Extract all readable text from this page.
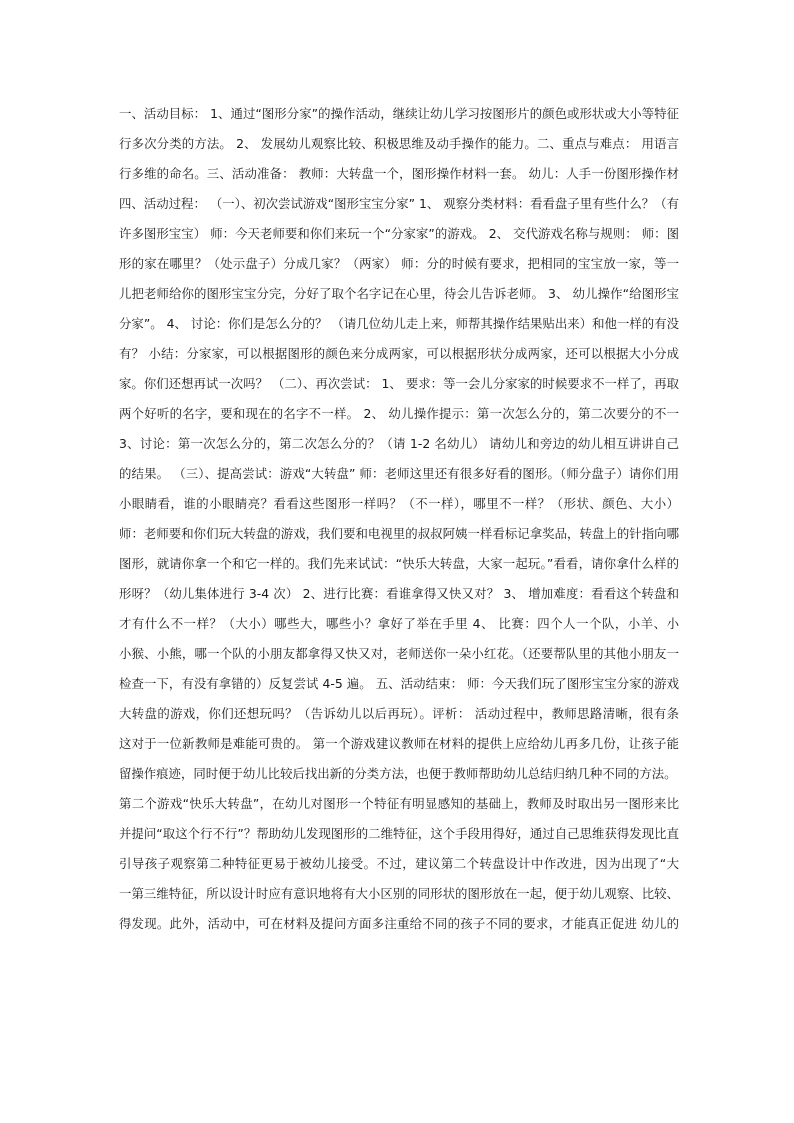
一、活动目标： 1、通过“图形分家”的操作活动，继续让幼儿学习按图形片的颜色或形状或大小等特征
行多次分类的方法。 2、 发展幼儿观察比较、积极思维及动手操作的能力。二、重点与难点： 用语言
行多维的命名。三、活动准备： 教师：大转盘一个，图形操作材料一套。 幼儿：人手一份图形操作材
四、活动过程： （一）、初次尝试游戏“图形宝宝分家” 1、 观察分类材料：看看盘子里有些什么？（有
许多图形宝宝） 师：今天老师要和你们来玩一个“分家家”的游戏。 2、 交代游戏名称与规则： 师：图
形的家在哪里？（处示盘子）分成几家？（两家） 师：分的时候有要求，把相同的宝宝放一家，等一
儿把老师给你的图形宝宝分完，分好了取个名字记在心里，待会儿告诉老师。 3、 幼儿操作“给图形宝
分家”。 4、 讨论：你们是怎么分的？ （请几位幼儿走上来，师帮其操作结果贴出来）和他一样的有没
有？ 小结：分家家，可以根据图形的颜色来分成两家，可以根据形状分成两家，还可以根据大小分成
家。你们还想再试一次吗？ （二）、再次尝试： 1、 要求：等一会儿分家家的时候要求不一样了，再取
两个好听的名字，要和现在的名字不一样。 2、 幼儿操作提示：第一次怎么分的，第二次要分的不一
3、讨论：第一次怎么分的，第二次怎么分的？（请 1-2 名幼儿） 请幼儿和旁边的幼儿相互讲讲自己
的结果。 （三）、提高尝试：游戏“大转盘” 师：老师这里还有很多好看的图形。（师分盘子）请你们用
小眼睛看，谁的小眼睛亮？看看这些图形一样吗？（不一样），哪里不一样？（形状、颜色、大小）
师：老师要和你们玩大转盘的游戏，我们要和电视里的叔叔阿姨一样看标记拿奖品，转盘上的针指向哪
图形，就请你拿一个和它一样的。我们先来试试：“快乐大转盘，大家一起玩。”看看，请你拿什么样的
形呀？（幼儿集体进行 3-4 次） 2、进行比赛：看谁拿得又快又对？ 3、 增加难度：看看这个转盘和
才有什么不一样？（大小）哪些大，哪些小？拿好了举在手里 4、 比赛：四个人一个队，小羊、小
小猴、小熊，哪一个队的小朋友都拿得又快又对，老师送你一朵小红花。（还要帮队里的其他小朋友一
检查一下，有没有拿错的）反复尝试 4-5 遍。 五、活动结束： 师：今天我们玩了图形宝宝分家的游戏
大转盘的游戏，你们还想玩吗？（告诉幼儿以后再玩）。评析： 活动过程中，教师思路清晰，很有条
这对于一位新教师是难能可贵的。 第一个游戏建议教师在材料的提供上应给幼儿再多几份，让孩子能
留操作痕迹，同时便于幼儿比较后找出新的分类方法，也便于教师帮助幼儿总结归纳几种不同的方法。
第二个游戏“快乐大转盘”，在幼儿对图形一个特征有明显感知的基础上，教师及时取出另一图形来比
并提问“取这个行不行”？帮助幼儿发现图形的二维特征，这个手段用得好，通过自己思维获得发现比直
引导孩子观察第二种特征更易于被幼儿接受。不过，建议第二个转盘设计中作改进，因为出现了“大
一第三维特征，所以设计时应有意识地将有大小区别的同形状的图形放在一起，便于幼儿观察、比较、
得发现。此外，活动中，可在材料及提问方面多注重给不同的孩子不同的要求，才能真正促进 幼儿的
